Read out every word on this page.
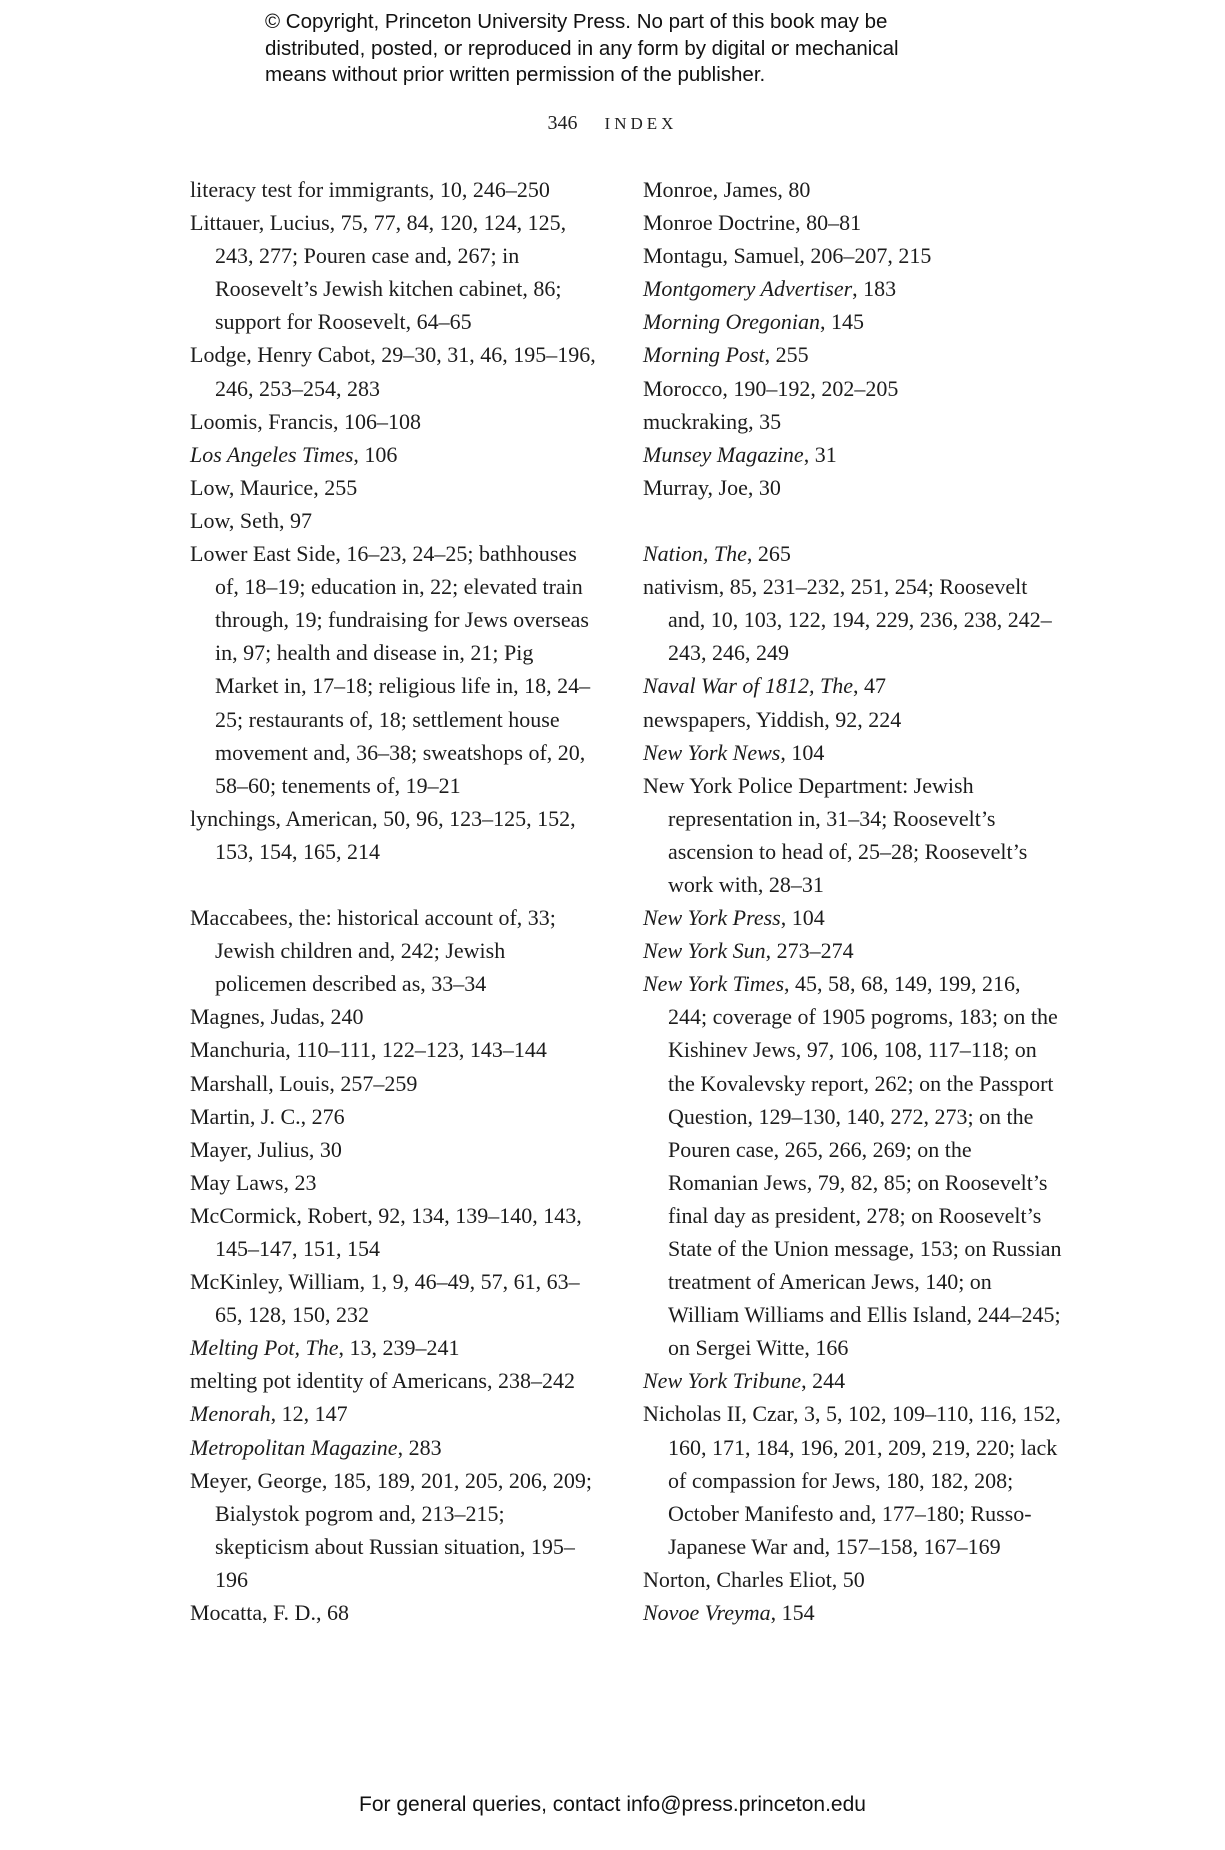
© Copyright, Princeton University Press. No part of this book may be
distributed, posted, or reproduced in any form by digital or mechanical
means without prior written permission of the publisher.
346 INDEX

literacy test for immigrants, 10, 246–250

Littauer, Lucius, 75, 77, 84, 120, 124, 125, 243, 277; Pouren case and, 267; in Roosevelt’s Jewish kitchen cabinet, 86; support for Roosevelt, 64–65

Lodge, Henry Cabot, 29–30, 31, 46, 195–196, 246, 253–254, 283

Loomis, Francis, 106–108

Los Angeles Times, 106

Low, Maurice, 255

Low, Seth, 97

Lower East Side, 16–23, 24–25; bathhouses of, 18–19; education in, 22; elevated train through, 19; fundraising for Jews overseas in, 97; health and disease in, 21; Pig Market in, 17–18; religious life in, 18, 24–25; restaurants of, 18; settlement house movement and, 36–38; sweatshops of, 20, 58–60; tenements of, 19–21

lynchings, American, 50, 96, 123–125, 152, 153, 154, 165, 214

Maccabees, the: historical account of, 33; Jewish children and, 242; Jewish policemen described as, 33–34

Magnes, Judas, 240

Manchuria, 110–111, 122–123, 143–144

Marshall, Louis, 257–259

Martin, J. C., 276

Mayer, Julius, 30

May Laws, 23

McCormick, Robert, 92, 134, 139–140, 143, 145–147, 151, 154

McKinley, William, 1, 9, 46–49, 57, 61, 63–65, 128, 150, 232

Melting Pot, The, 13, 239–241

melting pot identity of Americans, 238–242

Menorah, 12, 147

Metropolitan Magazine, 283

Meyer, George, 185, 189, 201, 205, 206, 209; Bialystok pogrom and, 213–215; skepticism about Russian situation, 195–196

Mocatta, F. D., 68

Monroe, James, 80

Monroe Doctrine, 80–81

Montagu, Samuel, 206–207, 215

Montgomery Advertiser, 183

Morning Oregonian, 145

Morning Post, 255

Morocco, 190–192, 202–205

muckraking, 35

Munsey Magazine, 31

Murray, Joe, 30

Nation, The, 265

nativism, 85, 231–232, 251, 254; Roosevelt and, 10, 103, 122, 194, 229, 236, 238, 242–243, 246, 249

Naval War of 1812, The, 47

newspapers, Yiddish, 92, 224

New York News, 104

New York Police Department: Jewish representation in, 31–34; Roosevelt’s ascension to head of, 25–28; Roosevelt’s work with, 28–31

New York Press, 104

New York Sun, 273–274

New York Times, 45, 58, 68, 149, 199, 216, 244; coverage of 1905 pogroms, 183; on the Kishinev Jews, 97, 106, 108, 117–118; on the Kovalevsky report, 262; on the Passport Question, 129–130, 140, 272, 273; on the Pouren case, 265, 266, 269; on the Romanian Jews, 79, 82, 85; on Roosevelt’s final day as president, 278; on Roosevelt’s State of the Union message, 153; on Russian treatment of American Jews, 140; on William Williams and Ellis Island, 244–245; on Sergei Witte, 166

New York Tribune, 244

Nicholas II, Czar, 3, 5, 102, 109–110, 116, 152, 160, 171, 184, 196, 201, 209, 219, 220; lack of compassion for Jews, 180, 182, 208; October Manifesto and, 177–180; Russo-Japanese War and, 157–158, 167–169

Norton, Charles Eliot, 50

Novoe Vreyma, 154

For general queries, contact info@press.princeton.edu
